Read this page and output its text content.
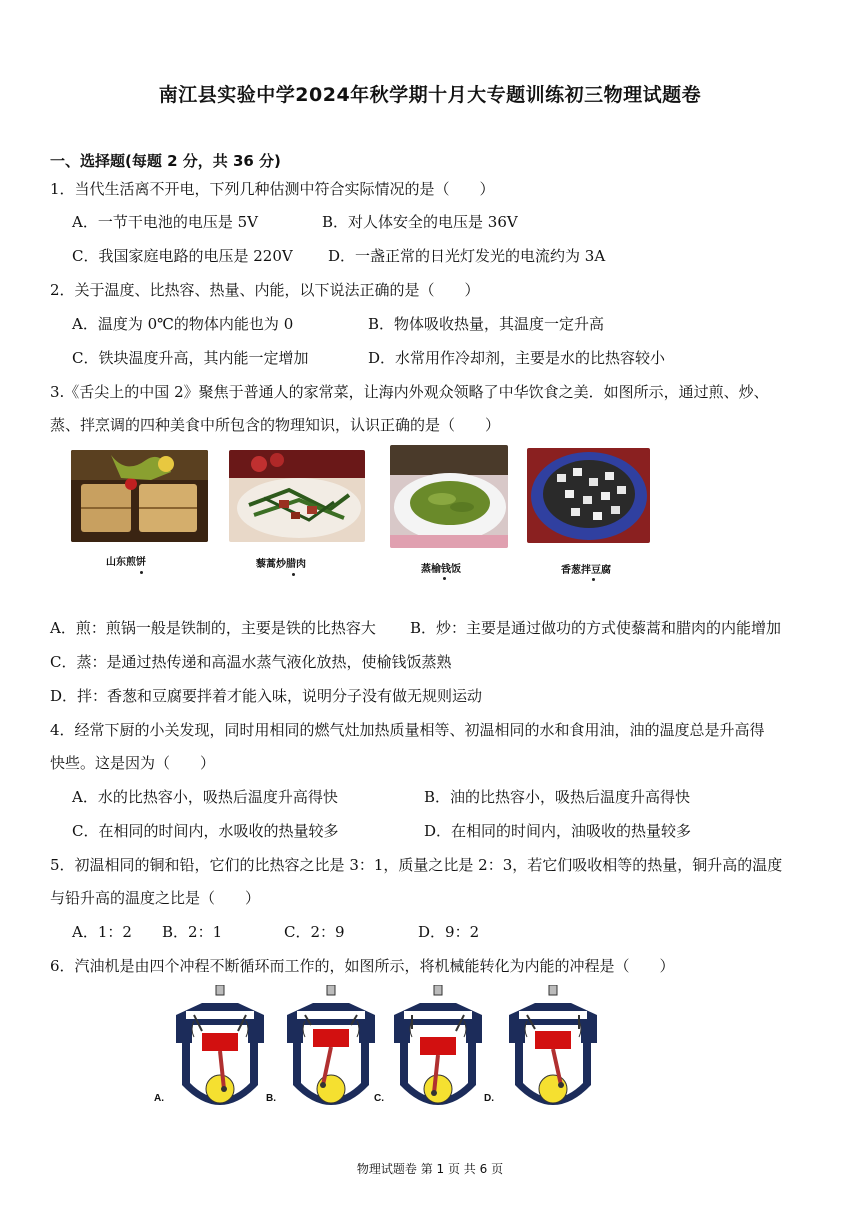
南江县实验中学2024年秋学期十月大专题训练初三物理试题卷
一、选择题(每题 2 分，共 36 分)
1．当代生活离不开电，下列几种估测中符合实际情况的是（　　）
A．一节干电池的电压是 5V	B．对人体安全的电压是 36V
C．我国家庭电路的电压是 220V D．一盏正常的日光灯发光的电流约为 3A
2．关于温度、比热容、热量、内能，以下说法正确的是（　　）
A．温度为 0℃的物体内能也为 0	B．物体吸收热量，其温度一定升高
C．铁块温度升高，其内能一定增加	D．水常用作冷却剂，主要是水的比热容较小
3.《舌尖上的中国 2》聚焦于普通人的家常菜，让海内外观众领略了中华饮食之美．如图所示，通过煎、炒、
蒸、拌烹调的四种美食中所包含的物理知识，认识正确的是（　　）
山东煎饼	藜蒿炒腊肉	蒸榆钱饭	香葱拌豆腐
A．煎：煎锅一般是铁制的，主要是铁的比热容大 B．炒：主要是通过做功的方式使藜蒿和腊肉的内能增加
C．蒸：是通过热传递和高温水蒸气液化放热，使榆钱饭蒸熟
D．拌：香葱和豆腐要拌着才能入味，说明分子没有做无规则运动
4．经常下厨的小关发现，同时用相同的燃气灶加热质量相等、初温相同的水和食用油，油的温度总是升高得
快些。这是因为（　　）
A．水的比热容小，吸热后温度升高得快	B．油的比热容小，吸热后温度升高得快
C．在相同的时间内，水吸收的热量较多	D．在相同的时间内，油吸收的热量较多
5．初温相同的铜和铅，它们的比热容之比是 3：1，质量之比是 2：3，若它们吸收相等的热量，铜升高的温度
与铅升高的温度之比是（　　）
A．1：2 B．2：1	C．2：9	D．9：2
6．汽油机是由四个冲程不断循环而工作的，如图所示，将机械能转化为内能的冲程是（　　）
A.	B.	C.	D.
物理试题卷 第 1 页 共 6 页
